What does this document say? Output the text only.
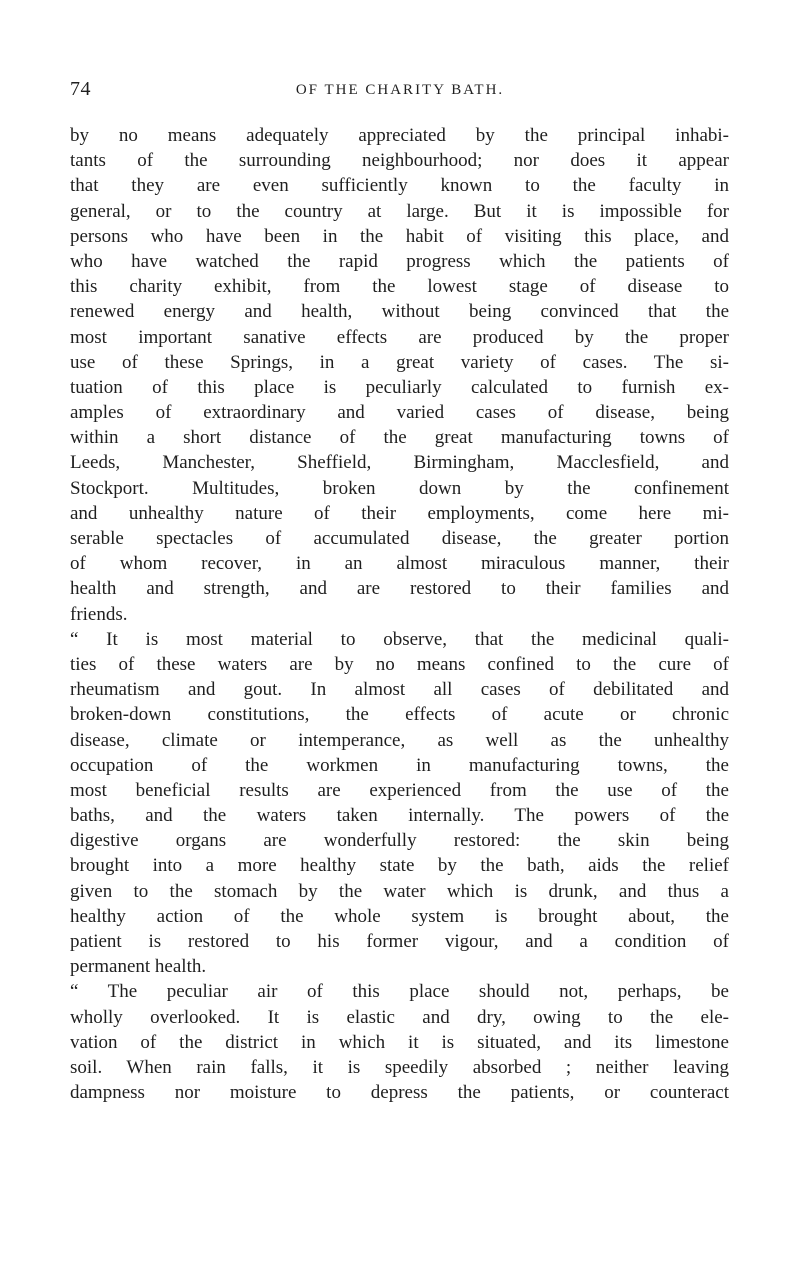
74	OF THE CHARITY BATH.
by no means adequately appreciated by the principal inhabi-
tants of the surrounding neighbourhood; nor does it appear
that they are even sufficiently known to the faculty in
general, or to the country at large. But it is impossible for
persons who have been in the habit of visiting this place, and
who have watched the rapid progress which the patients of
this charity exhibit, from the lowest stage of disease to
renewed energy and health, without being convinced that the
most important sanative effects are produced by the proper
use of these Springs, in a great variety of cases. The si-
tuation of this place is peculiarly calculated to furnish ex-
amples of extraordinary and varied cases of disease, being
within a short distance of the great manufacturing towns of
Leeds, Manchester, Sheffield, Birmingham, Macclesfield, and
Stockport. Multitudes, broken down by the confinement
and unhealthy nature of their employments, come here mi-
serable spectacles of accumulated disease, the greater portion
of whom recover, in an almost miraculous manner, their
health and strength, and are restored to their families and
friends.
“ It is most material to observe, that the medicinal quali-
ties of these waters are by no means confined to the cure of
rheumatism and gout. In almost all cases of debilitated and
broken-down constitutions, the effects of acute or chronic
disease, climate or intemperance, as well as the unhealthy
occupation of the workmen in manufacturing towns, the
most beneficial results are experienced from the use of the
baths, and the waters taken internally. The powers of the
digestive organs are wonderfully restored: the skin being
brought into a more healthy state by the bath, aids the relief
given to the stomach by the water which is drunk, and thus a
healthy action of the whole system is brought about, the
patient is restored to his former vigour, and a condition of
permanent health.
“ The peculiar air of this place should not, perhaps, be
wholly overlooked. It is elastic and dry, owing to the ele-
vation of the district in which it is situated, and its limestone
soil. When rain falls, it is speedily absorbed ; neither leaving
dampness nor moisture to depress the patients, or counteract
